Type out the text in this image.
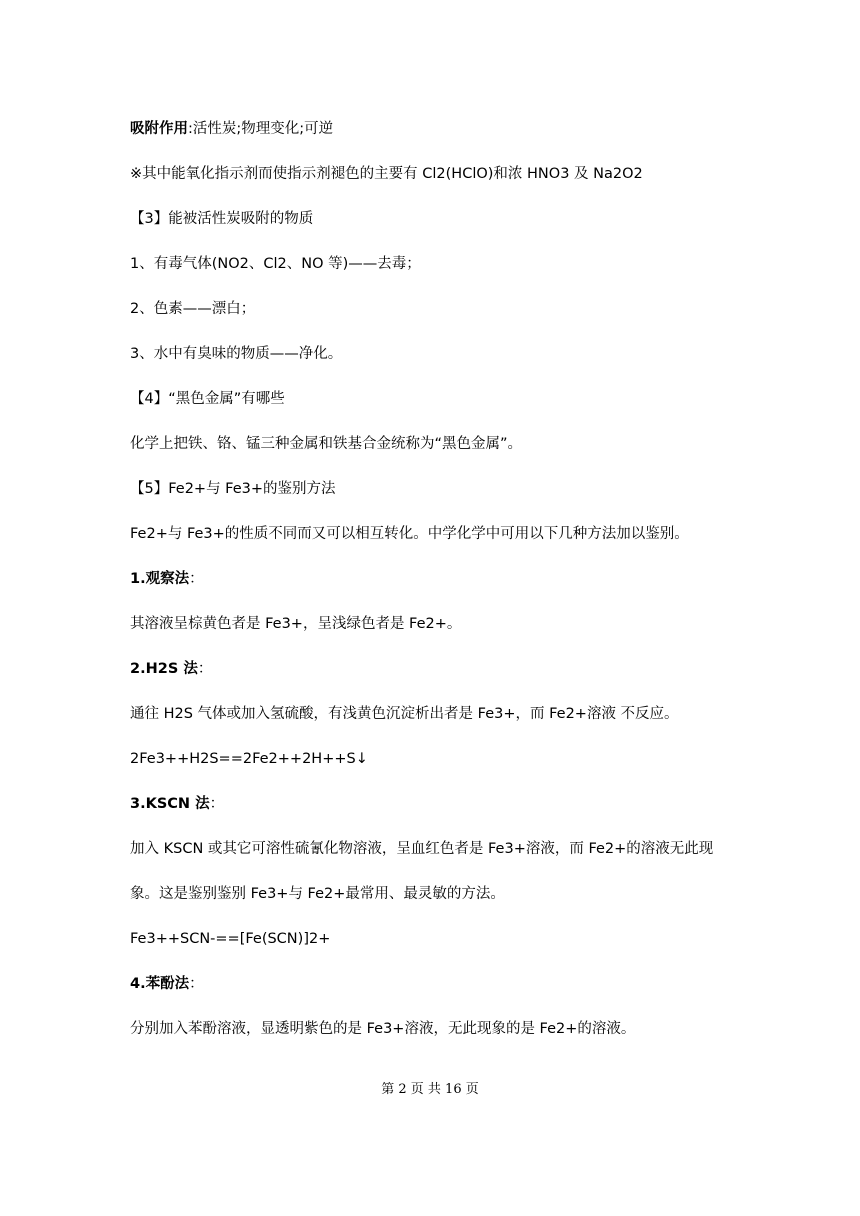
吸附作用:活性炭;物理变化;可逆
※其中能氧化指示剂而使指示剂褪色的主要有 Cl2(HClO)和浓 HNO3 及 Na2O2
【3】能被活性炭吸附的物质
1、有毒气体(NO2、Cl2、NO 等)——去毒；
2、色素——漂白；
3、水中有臭味的物质——净化。
【4】“黑色金属”有哪些
化学上把铁、铬、锰三种金属和铁基合金统称为“黑色金属”。
【5】Fe2+与 Fe3+的鉴别方法
Fe2+与 Fe3+的性质不同而又可以相互转化。中学化学中可用以下几种方法加以鉴别。
1.观察法：
其溶液呈棕黄色者是 Fe3+，呈浅绿色者是 Fe2+。
2.H2S 法：
通往 H2S 气体或加入氢硫酸，有浅黄色沉淀析出者是 Fe3+，而 Fe2+溶液 不反应。
2Fe3++H2S==2Fe2++2H++S↓
3.KSCN 法：
加入 KSCN 或其它可溶性硫氰化物溶液，呈血红色者是 Fe3+溶液，而 Fe2+的溶液无此现
象。这是鉴别鉴别 Fe3+与 Fe2+最常用、最灵敏的方法。
Fe3++SCN-==[Fe(SCN)]2+
4.苯酚法：
分别加入苯酚溶液，显透明紫色的是 Fe3+溶液，无此现象的是 Fe2+的溶液。
第 2 页 共 16 页
